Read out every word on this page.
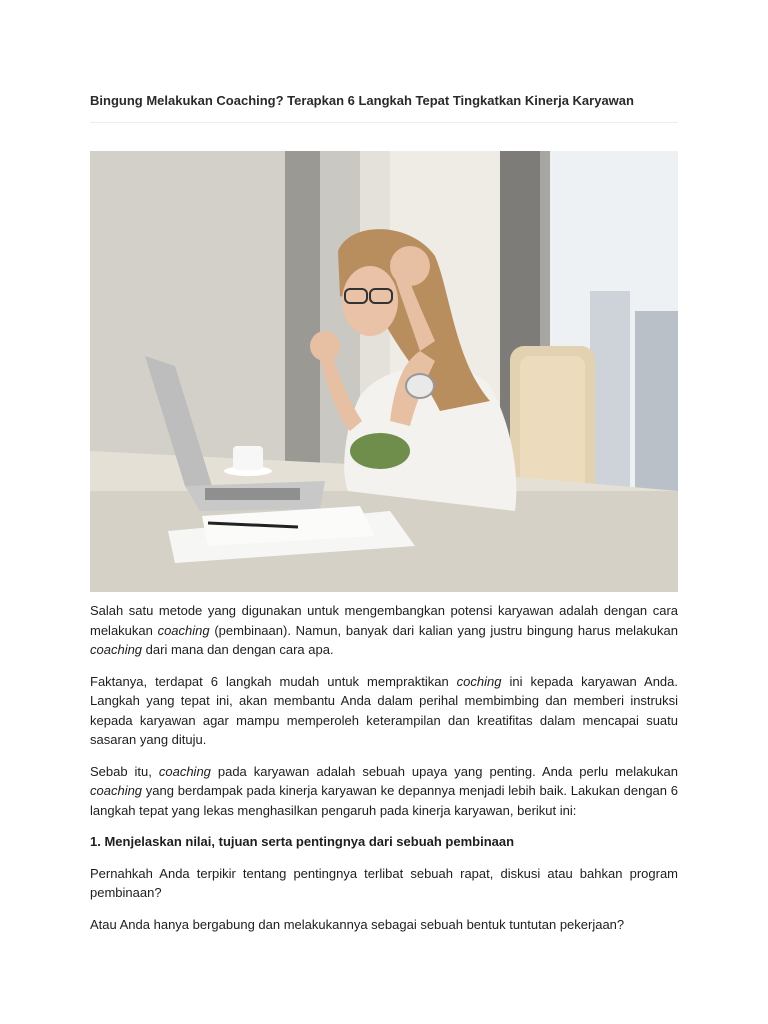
Bingung Melakukan Coaching? Terapkan 6 Langkah Tepat Tingkatkan Kinerja Karyawan

Salah satu metode yang digunakan untuk mengembangkan potensi karyawan adalah dengan cara melakukan coaching (pembinaan). Namun, banyak dari kalian yang justru bingung harus melakukan coaching dari mana dan dengan cara apa.

Faktanya, terdapat 6 langkah mudah untuk mempraktikan coching ini kepada karyawan Anda. Langkah yang tepat ini, akan membantu Anda dalam perihal membimbing dan memberi instruksi kepada karyawan agar mampu memperoleh keterampilan dan kreatifitas dalam mencapai suatu sasaran yang dituju.

Sebab itu, coaching pada karyawan adalah sebuah upaya yang penting. Anda perlu melakukan coaching yang berdampak pada kinerja karyawan ke depannya menjadi lebih baik. Lakukan dengan 6 langkah tepat yang lekas menghasilkan pengaruh pada kinerja karyawan, berikut ini:

1. Menjelaskan nilai, tujuan serta pentingnya dari sebuah pembinaan

Pernahkah Anda terpikir tentang pentingnya terlibat sebuah rapat, diskusi atau bahkan program pembinaan?

Atau Anda hanya bergabung dan melakukannya sebagai sebuah bentuk tuntutan pekerjaan?
